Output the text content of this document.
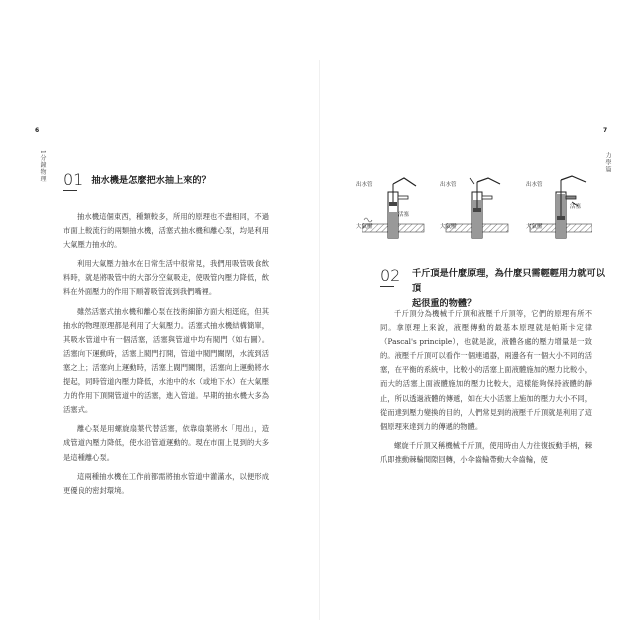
6
1分鐘物理 01 抽水機是怎麼把水抽上來的？

抽水機這個東西，種類較多，所用的原理也不盡相同，不過市面上較流行的兩類抽水機，活塞式抽水機和離心泵，均是利用大氣壓力抽水的。

利用大氣壓力抽水在日常生活中很常見，我們用吸管吸食飲料時，就是將吸管中的大部分空氣吸走，使吸管內壓力降低，飲料在外面壓力的作用下順著吸管流到我們嘴裡。

雖然活塞式抽水機和離心泵在技術細節方面大相逕庭，但其抽水的物理原理都是利用了大氣壓力。活塞式抽水機結構簡單，其吸水管道中有一個活塞，活塞與管道中均有閥門（如右圖）。活塞向下運動時，活塞上閥門打開，管道中閥門關閉，水流到活塞之上；活塞向上運動時，活塞上閥門關閉，活塞向上運動將水提起，同時管道內壓力降低，水池中的水（或地下水）在大氣壓力的作用下頂開管道中的活塞，進入管道。早期的抽水機大多為活塞式。

離心泵是用螺旋扇葉代替活塞，依靠扇葉將水「甩出」，造成管道內壓力降低，使水沿管道運動的。現在市面上見到的大多是這種離心泵。

這兩種抽水機在工作前都需將抽水管道中灌滿水，以便形成更優良的密封環境。

7
力學篇
出水管
活塞
大氣壓
出水管
大氣壓
出水管
活塞
大氣壓
02 千斤頂是什麼原理，為什麼只需輕輕用力就可以頂
起很重的物體？

千斤頂分為機械千斤頂和液壓千斤頂等，它們的原理有所不同。拿原理上來說，液壓傳動的最基本原理就是帕斯卡定律（Pascal's principle），也就是說，液體各處的壓力增量是一致的。液壓千斤頂可以看作一個連通器，兩邊各有一個大小不同的活塞，在平衡的系統中，比較小的活塞上面液體施加的壓力比較小，而大的活塞上面液體施加的壓力比較大，這樣能夠保持液體的靜止，所以透過液體的傳遞，如在大小活塞上施加的壓力大小不同，從而達到壓力變換的目的，人們常見到的液壓千斤頂就是利用了這個原理來達到力的傳遞的物體。

螺旋千斤頂又稱機械千斤頂，使用時由人力往復扳動手柄，棘爪即推動棘輪間隙回轉，小伞齒輪帶動大伞齒輪，使
